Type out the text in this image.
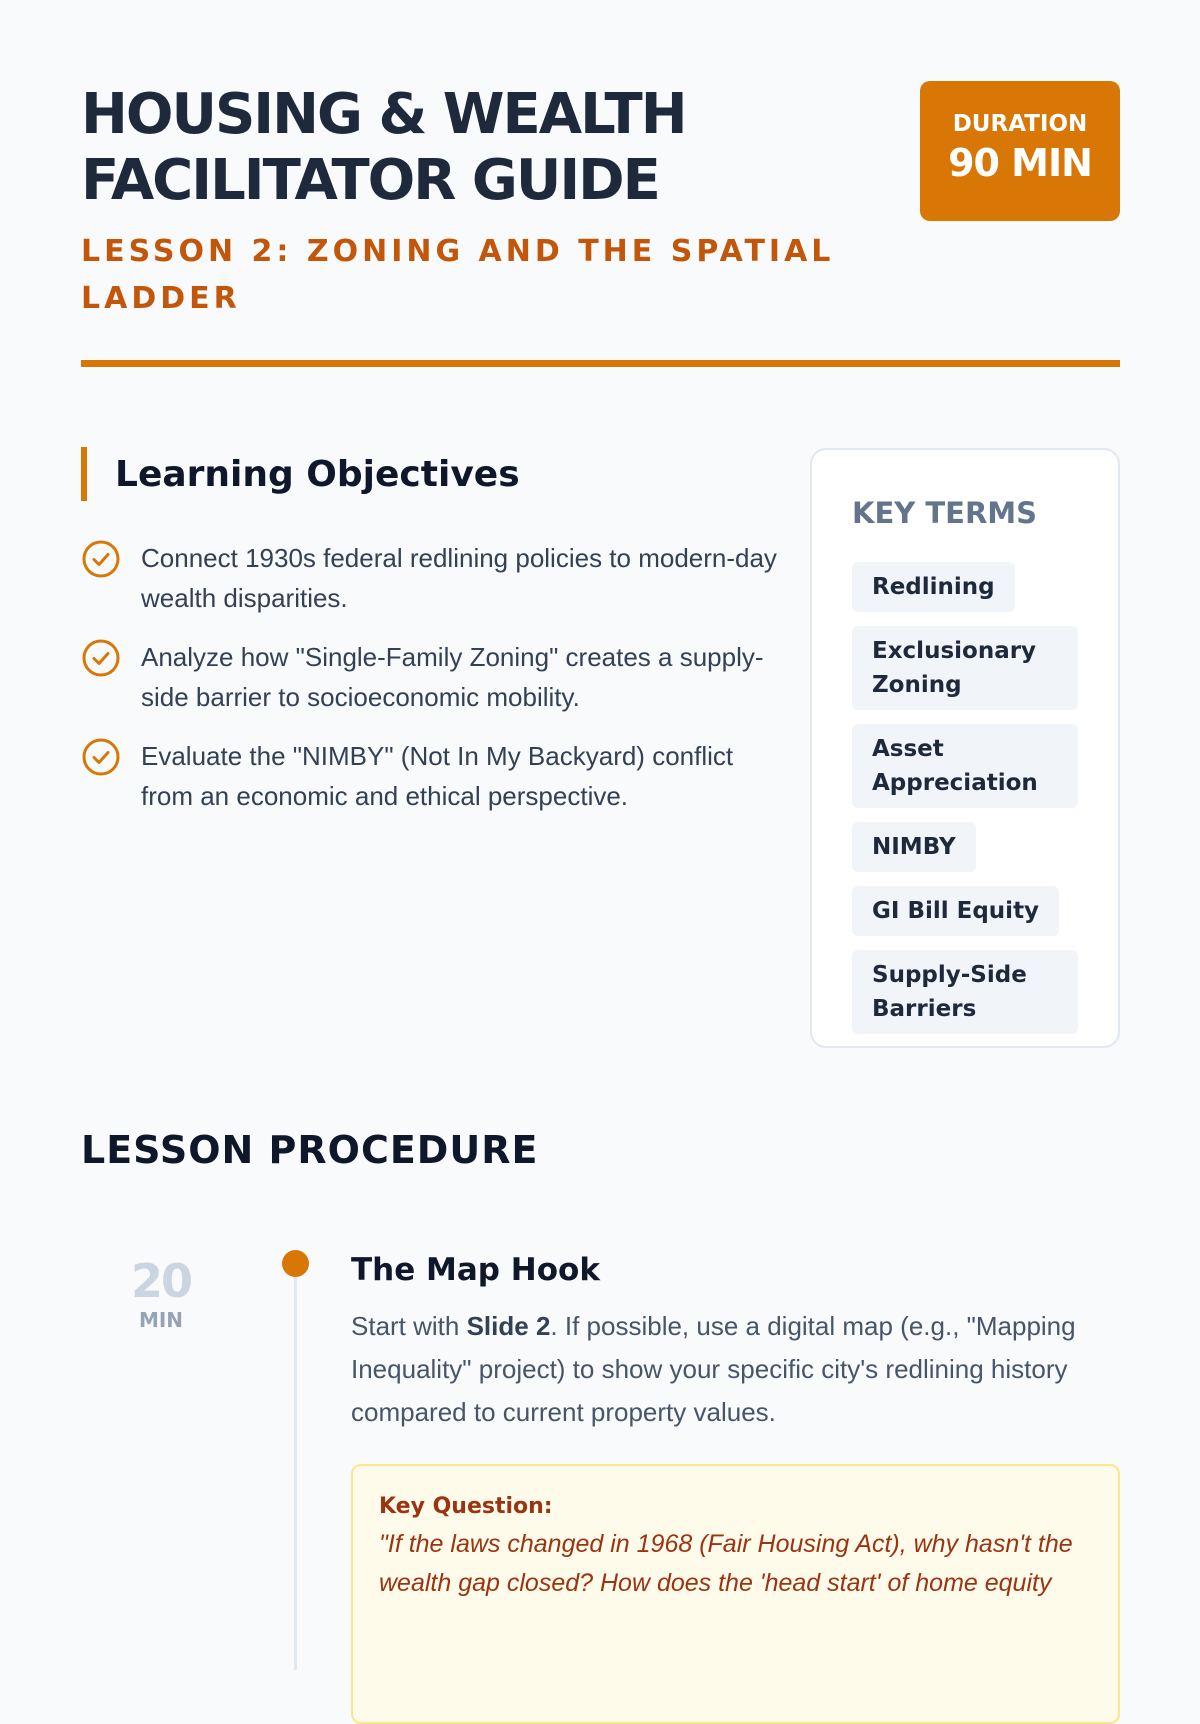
HOUSING & WEALTH FACILITATOR GUIDE
LESSON 2: ZONING AND THE SPATIAL LADDER
DURATION
90 MIN
Learning Objectives
Connect 1930s federal redlining policies to modern-day wealth disparities.
Analyze how "Single-Family Zoning" creates a supply-side barrier to socioeconomic mobility.
Evaluate the "NIMBY" (Not In My Backyard) conflict from an economic and ethical perspective.
KEY TERMS
Redlining
Exclusionary Zoning
Asset Appreciation
NIMBY
GI Bill Equity
Supply-Side Barriers
LESSON PROCEDURE
20
MIN
The Map Hook

Start with Slide 2. If possible, use a digital map (e.g., "Mapping Inequality" project) to show your specific city's redlining history compared to current property values.

Key Question:
"If the laws changed in 1968 (Fair Housing Act), why hasn't the wealth gap closed? How does the 'head start' of home equity
